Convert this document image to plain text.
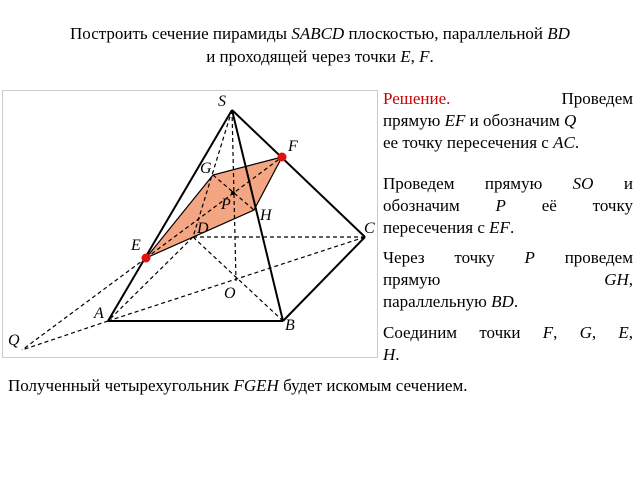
Построить сечение пирамиды SABCD плоскостью, параллельной BD
и проходящей через точки E, F.
S
F
G
P
H
C
D
E
O
A
B
Q
Решение.	Проведем
прямую EF и обозначим Q
ее точку пересечения с AC.
Проведем прямую SO и
обозначим P её точку
пересечения с EF.
Через точку P проведем
прямую	GH,
параллельную BD.
Соединим точки F, G, E,
H.
Полученный четырехугольник FGEH будет искомым сечением.
